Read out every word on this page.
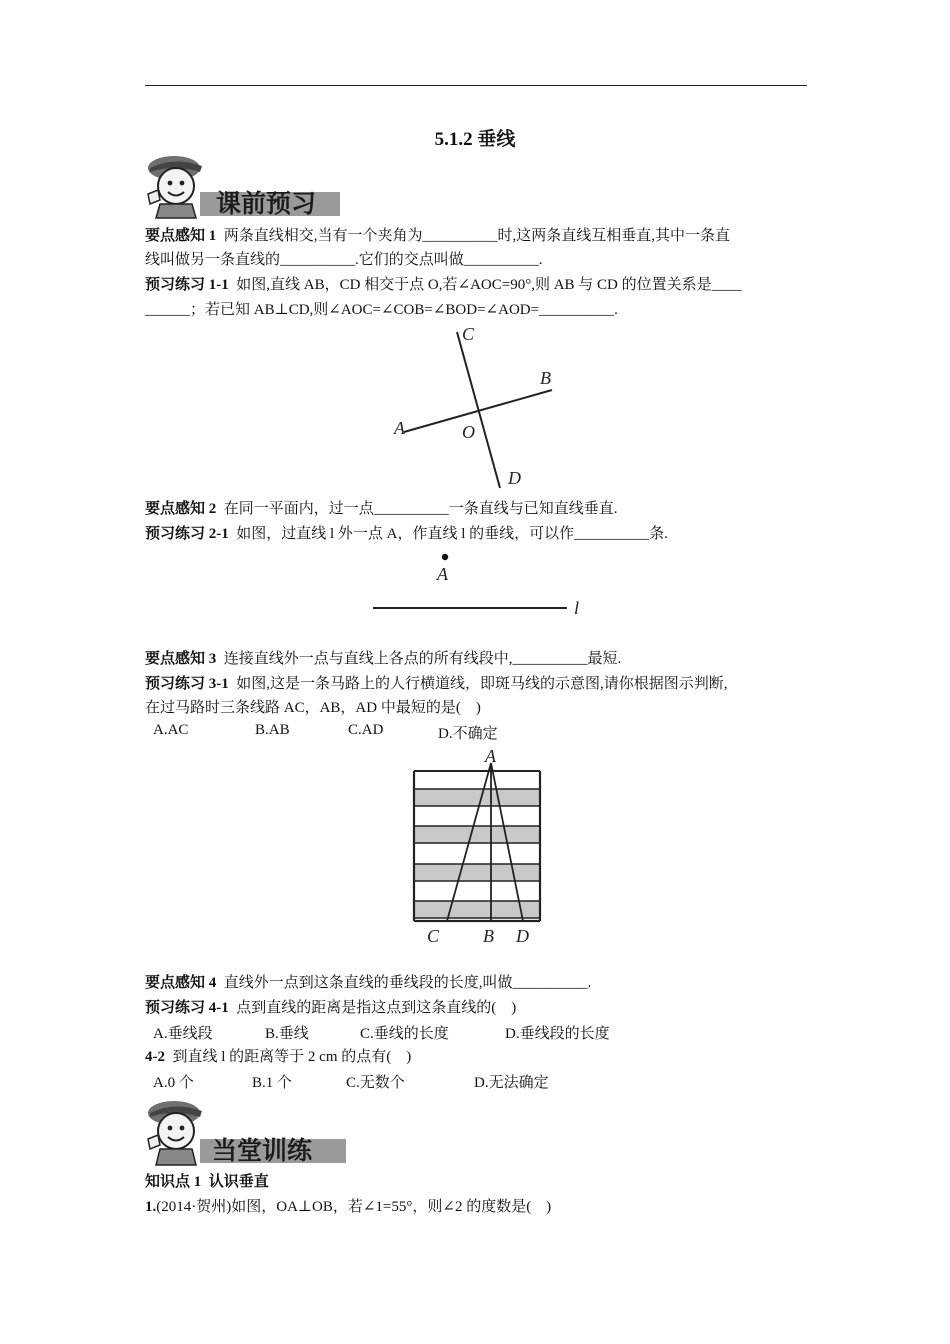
5.1.2 垂线
课前预习
要点感知 1 两条直线相交,当有一个夹角为__________时,这两条直线互相垂直,其中一条直
线叫做另一条直线的__________.它们的交点叫做__________.
预习练习 1-1 如图,直线 AB，CD 相交于点 O,若∠AOC=90°,则 AB 与 CD 的位置关系是____
______；若已知 AB⊥CD,则∠AOC=∠COB=∠BOD=∠AOD=__________.
C
B
A	O
D
要点感知 2 在同一平面内，过一点__________一条直线与已知直线垂直.
预习练习 2-1 如图，过直线 l 外一点 A，作直线 l 的垂线，可以作__________条.
A
l
要点感知 3 连接直线外一点与直线上各点的所有线段中,__________最短.
预习练习 3-1 如图,这是一条马路上的人行横道线，即斑马线的示意图,请你根据图示判断,
在过马路时三条线路 AC，AB，AD 中最短的是(　)
A.AC	B.AB	C.AD	D.不确定
A
C B D
要点感知 4 直线外一点到这条直线的垂线段的长度,叫做__________.
预习练习 4-1 点到直线的距离是指这点到这条直线的(　)
A.垂线段	B.垂线	C.垂线的长度	D.垂线段的长度
4-2 到直线 l 的距离等于 2 cm 的点有(　)
A.0 个	B.1 个	C.无数个	D.无法确定
当堂训练
知识点 1 认识垂直
1.(2014·贺州)如图，OA⊥OB，若∠1=55°，则∠2 的度数是(　)
